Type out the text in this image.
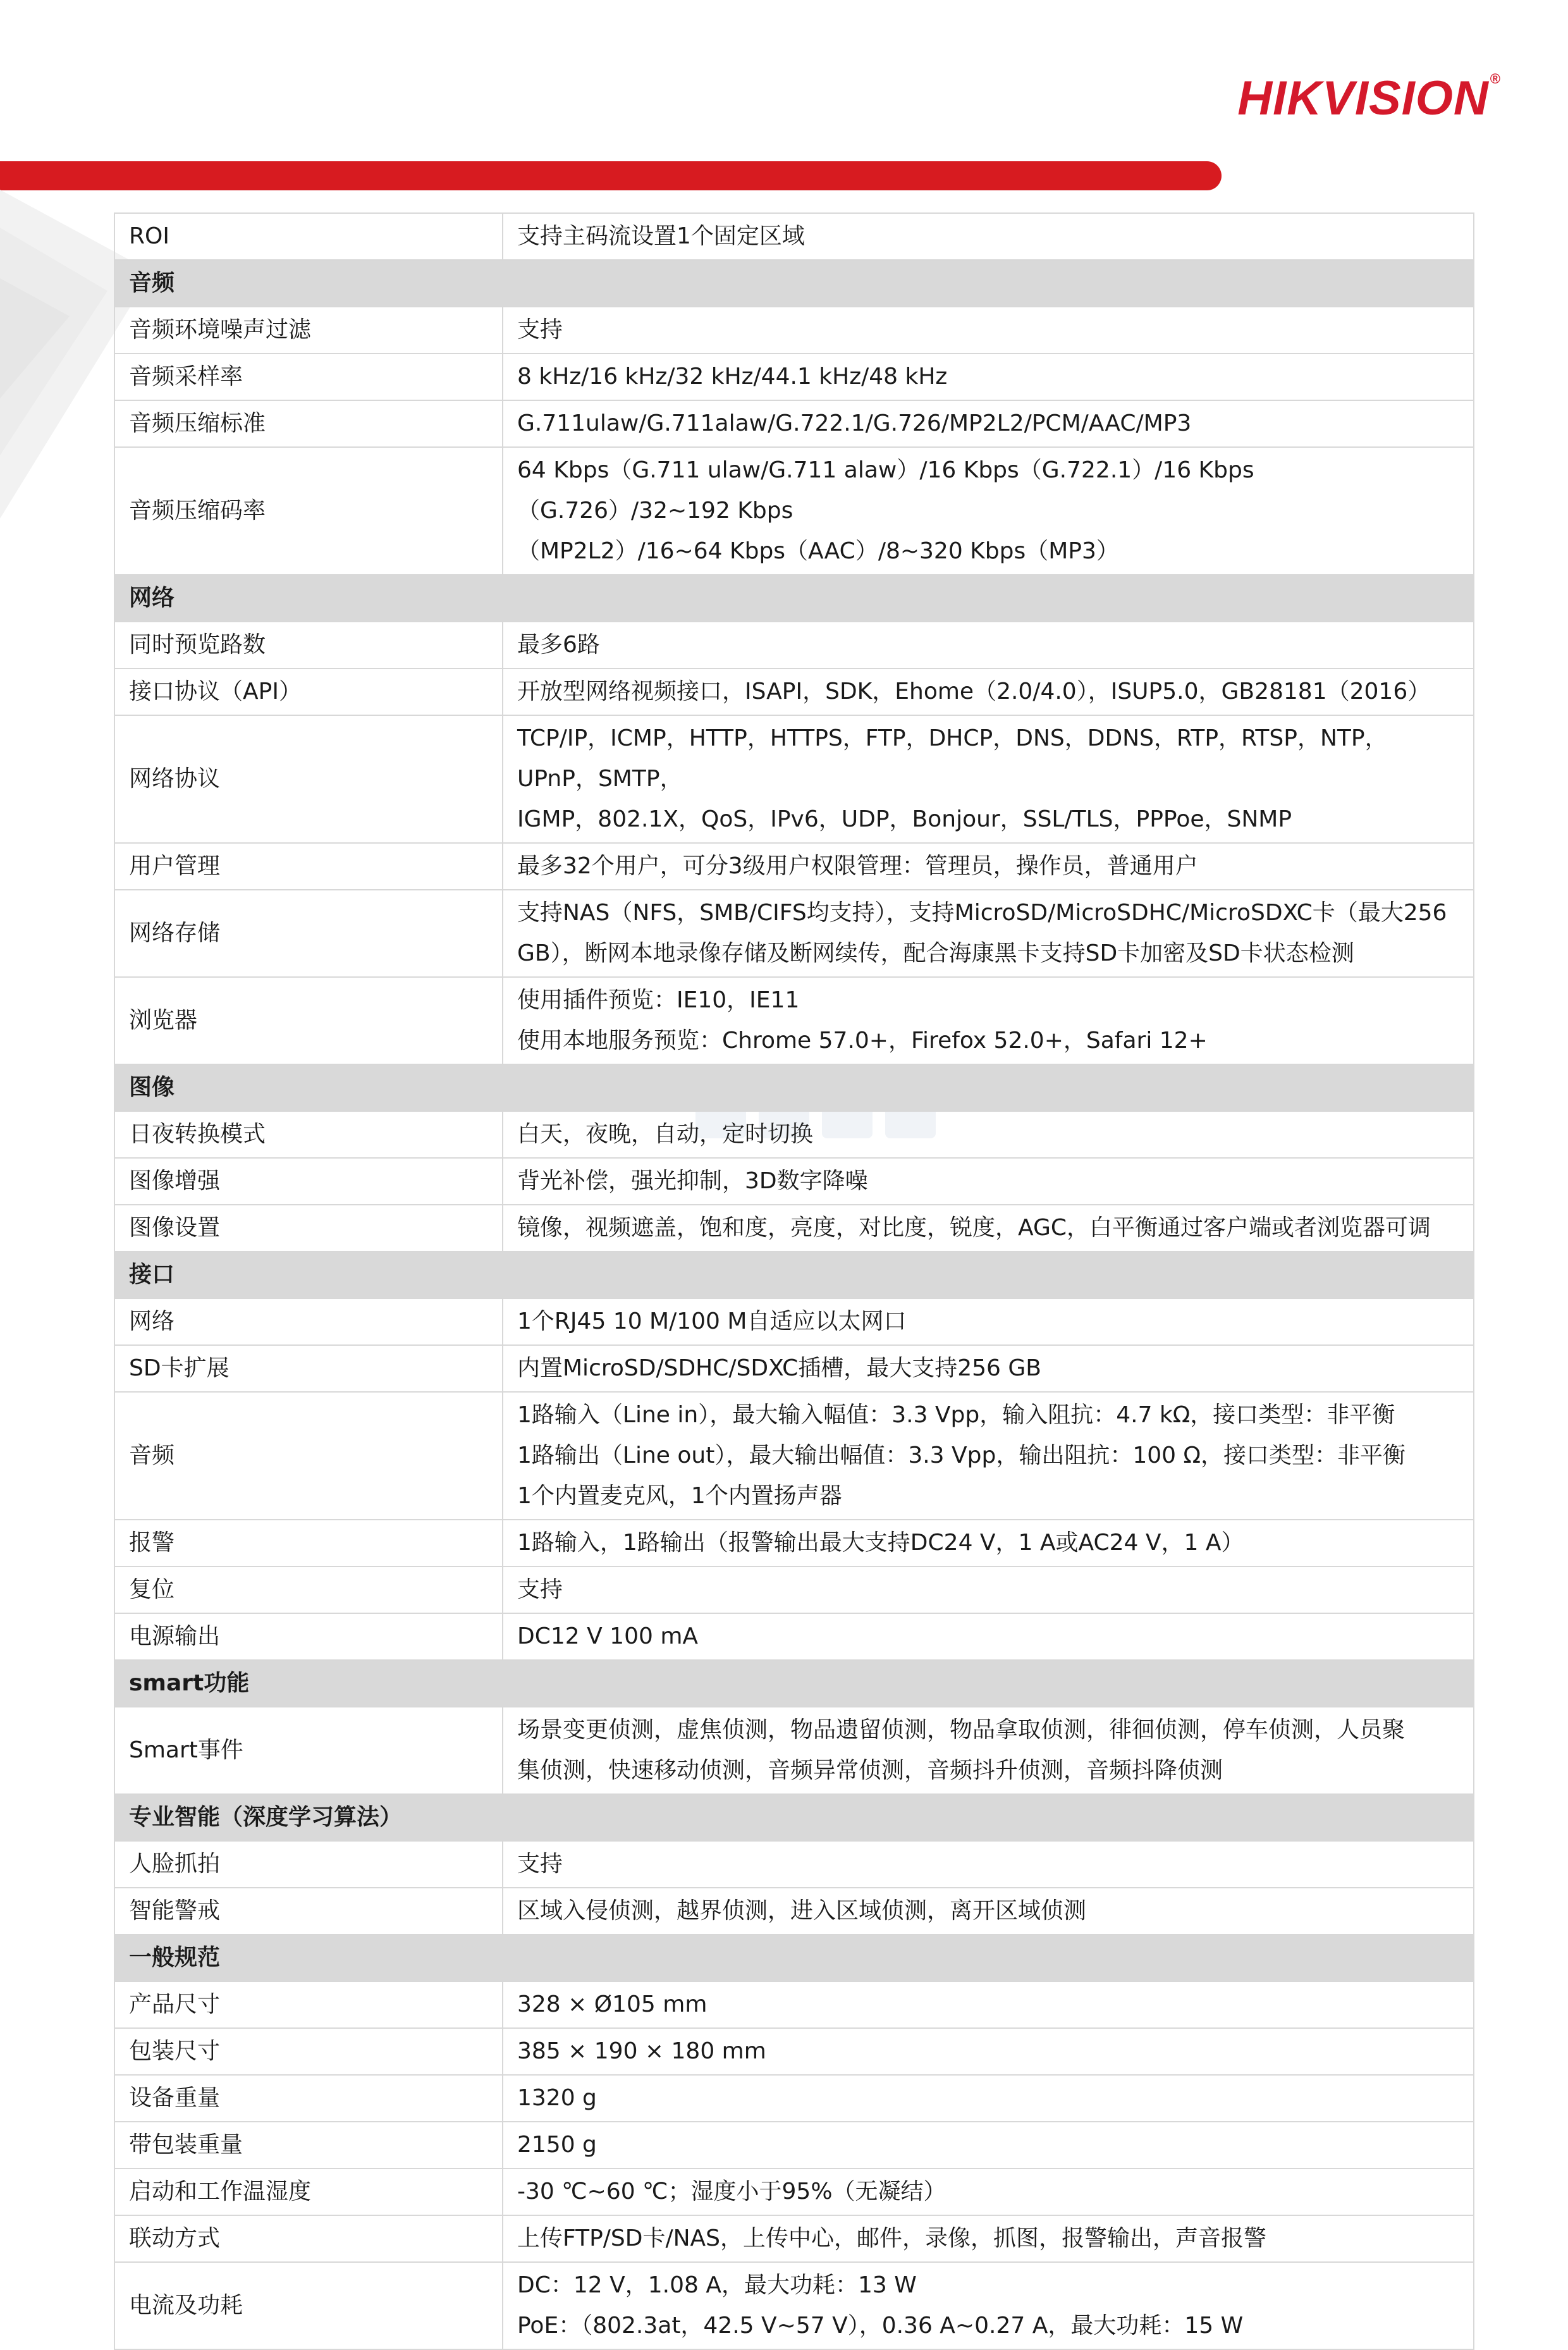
HIKVISION®
ROI	支持主码流设置1个固定区域

音频	
音频环境噪声过滤	支持

音频采样率	8 kHz/16 kHz/32 kHz/44.1 kHz/48 kHz

音频压缩标准	G.711ulaw/G.711alaw/G.722.1/G.726/MP2L2/PCM/AAC/MP3

音频压缩码率	64 Kbps（G.711 ulaw/G.711 alaw）/16 Kbps（G.722.1）/16 Kbps（G.726）/32~192 Kbps
（MP2L2）/16~64 Kbps（AAC）/8~320 Kbps（MP3）

网络	
同时预览路数	最多6路

接口协议（API）	开放型网络视频接口，ISAPI，SDK，Ehome（2.0/4.0），ISUP5.0，GB28181（2016）

网络协议	TCP/IP，ICMP，HTTP，HTTPS，FTP，DHCP，DNS，DDNS，RTP，RTSP，NTP，UPnP，SMTP，
IGMP，802.1X，QoS，IPv6，UDP，Bonjour，SSL/TLS，PPPoe，SNMP

用户管理	最多32个用户，可分3级用户权限管理：管理员，操作员，普通用户

网络存储	支持NAS（NFS，SMB/CIFS均支持），支持MicroSD/MicroSDHC/MicroSDXC卡（最大256
GB），断网本地录像存储及断网续传，配合海康黑卡支持SD卡加密及SD卡状态检测

浏览器	使用插件预览：IE10，IE11
使用本地服务预览：Chrome 57.0+，Firefox 52.0+，Safari 12+

图像	
日夜转换模式	白天，夜晚，自动，定时切换

图像增强	背光补偿，强光抑制，3D数字降噪

图像设置	镜像，视频遮盖，饱和度，亮度，对比度，锐度，AGC，白平衡通过客户端或者浏览器可调

接口	
网络	1个RJ45 10 M/100 M自适应以太网口

SD卡扩展	内置MicroSD/SDHC/SDXC插槽，最大支持256 GB

音频	1路输入（Line in），最大输入幅值：3.3 Vpp，输入阻抗：4.7 kΩ，接口类型：非平衡
1路输出（Line out），最大输出幅值：3.3 Vpp，输出阻抗：100 Ω，接口类型：非平衡
1个内置麦克风，1个内置扬声器

报警	1路输入，1路输出（报警输出最大支持DC24 V，1 A或AC24 V，1 A）

复位	支持

电源输出	DC12 V 100 mA

smart功能	
Smart事件	场景变更侦测，虚焦侦测，物品遗留侦测，物品拿取侦测，徘徊侦测，停车侦测，人员聚
集侦测，快速移动侦测，音频异常侦测，音频抖升侦测，音频抖降侦测

专业智能（深度学习算法）	
人脸抓拍	支持

智能警戒	区域入侵侦测，越界侦测，进入区域侦测，离开区域侦测

一般规范	
产品尺寸	328 × Ø105 mm

包装尺寸	385 × 190 × 180 mm

设备重量	1320 g

带包装重量	2150 g

启动和工作温湿度	-30 ℃~60 ℃；湿度小于95%（无凝结）

联动方式	上传FTP/SD卡/NAS，上传中心，邮件，录像，抓图，报警输出，声音报警

电流及功耗	DC：12 V，1.08 A，最大功耗：13 W
PoE：（802.3at，42.5 V~57 V），0.36 A~0.27 A，最大功耗：15 W
